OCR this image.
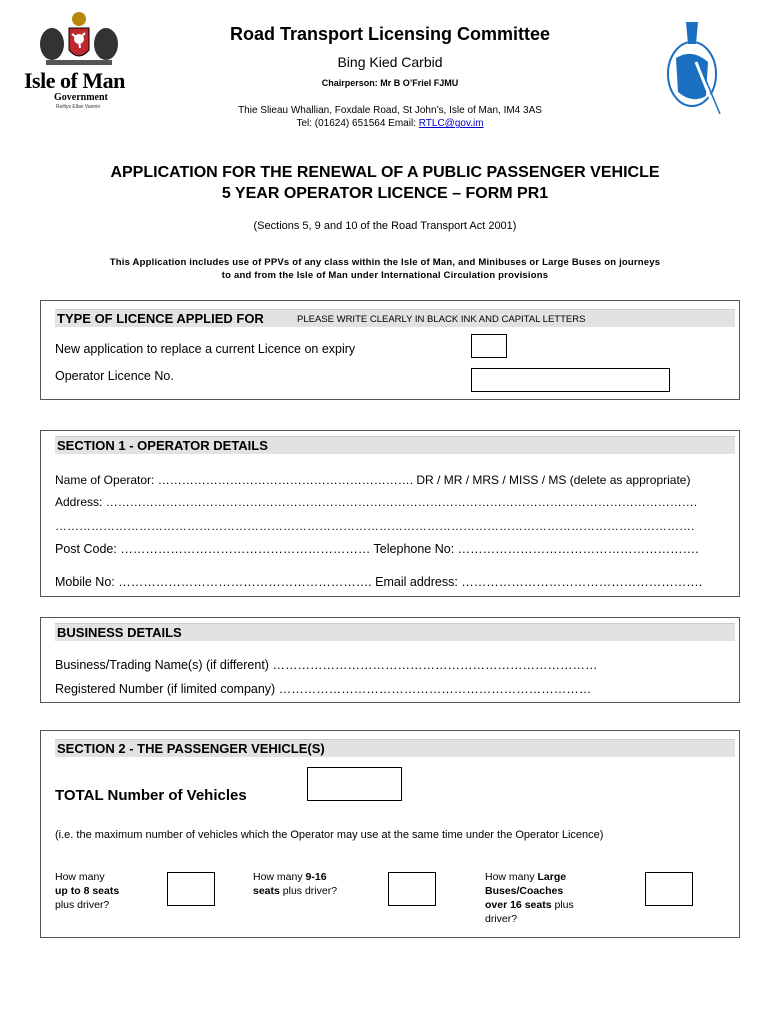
Isle of Man
Government
Reiltys Ellan Vannin
Road Transport Licensing Committee
Bing Kied Carbid
Chairperson: Mr B O’Friel FJMU
Thie Slieau Whallian, Foxdale Road, St John’s, Isle of Man, IM4 3AS
Tel: (01624) 651564 Email: RTLC@gov.im
APPLICATION FOR THE RENEWAL OF A PUBLIC PASSENGER VEHICLE
5 YEAR OPERATOR LICENCE – FORM PR1
(Sections 5, 9 and 10 of the Road Transport Act 2001)
This Application includes use of PPVs of any class within the Isle of Man, and Minibuses or Large Buses on journeys
to and from the Isle of Man under International Circulation provisions
TYPE OF LICENCE APPLIED FOR	PLEASE WRITE CLEARLY IN BLACK INK AND CAPITAL LETTERS
New application to replace a current Licence on expiry
Operator Licence No.
SECTION 1 - OPERATOR DETAILS
Name of Operator: ………………………………………………………. DR / MR / MRS / MISS / MS (delete as appropriate)
Address: ………………………………………………………………………………………………………………………………….
…………………………………………………………………………………………………………………………………………….
Post Code: …………………………………………………… Telephone No: ………………………………………………….
Mobile No: ……………………………………………………. Email address: ………………………………………………….
BUSINESS DETAILS
Business/Trading Name(s) (if different) ……………………………………………………………………
Registered Number (if limited company) …………………………………………………………………
SECTION 2 - THE PASSENGER VEHICLE(S)
TOTAL Number of Vehicles
(i.e. the maximum number of vehicles which the Operator may use at the same time under the Operator Licence)
How many
up to 8 seats
plus driver?
How many 9-16
seats plus driver?
How many Large
Buses/Coaches
over 16 seats plus
driver?
